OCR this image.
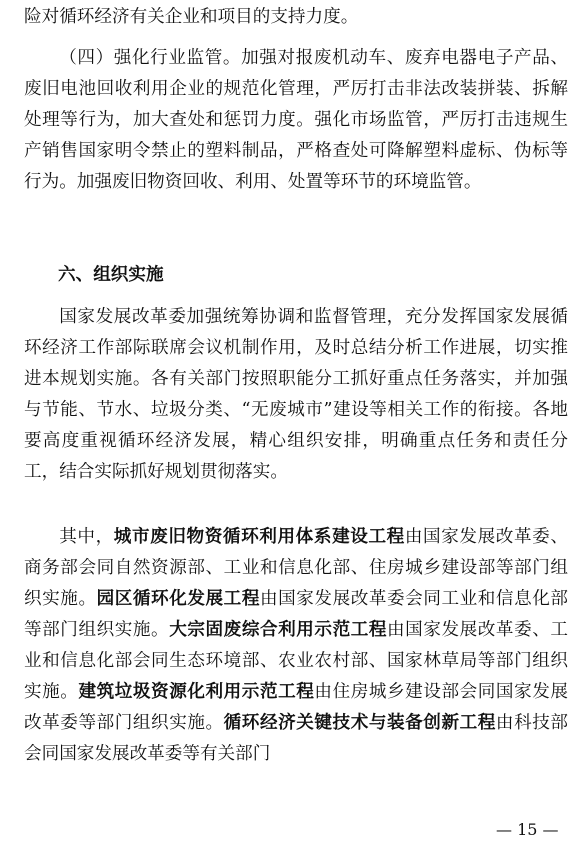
险对循环经济有关企业和项目的支持力度。

（四）强化行业监管。加强对报废机动车、废弃电器电子产品、废旧电池回收利用企业的规范化管理，严厉打击非法改装拼装、拆解处理等行为，加大查处和惩罚力度。强化市场监管，严厉打击违规生产销售国家明令禁止的塑料制品，严格查处可降解塑料虚标、伪标等行为。加强废旧物资回收、利用、处置等环节的环境监管。

六、组织实施

国家发展改革委加强统筹协调和监督管理，充分发挥国家发展循环经济工作部际联席会议机制作用，及时总结分析工作进展，切实推进本规划实施。各有关部门按照职能分工抓好重点任务落实，并加强与节能、节水、垃圾分类、“无废城市”建设等相关工作的衔接。各地要高度重视循环经济发展，精心组织安排，明确重点任务和责任分工，结合实际抓好规划贯彻落实。

其中，城市废旧物资循环利用体系建设工程由国家发展改革委、商务部会同自然资源部、工业和信息化部、住房城乡建设部等部门组织实施。园区循环化发展工程由国家发展改革委会同工业和信息化部等部门组织实施。大宗固废综合利用示范工程由国家发展改革委、工业和信息化部会同生态环境部、农业农村部、国家林草局等部门组织实施。建筑垃圾资源化利用示范工程由住房城乡建设部会同国家发展改革委等部门组织实施。循环经济关键技术与装备创新工程由科技部会同国家发展改革委等有关部门

— 15 —
